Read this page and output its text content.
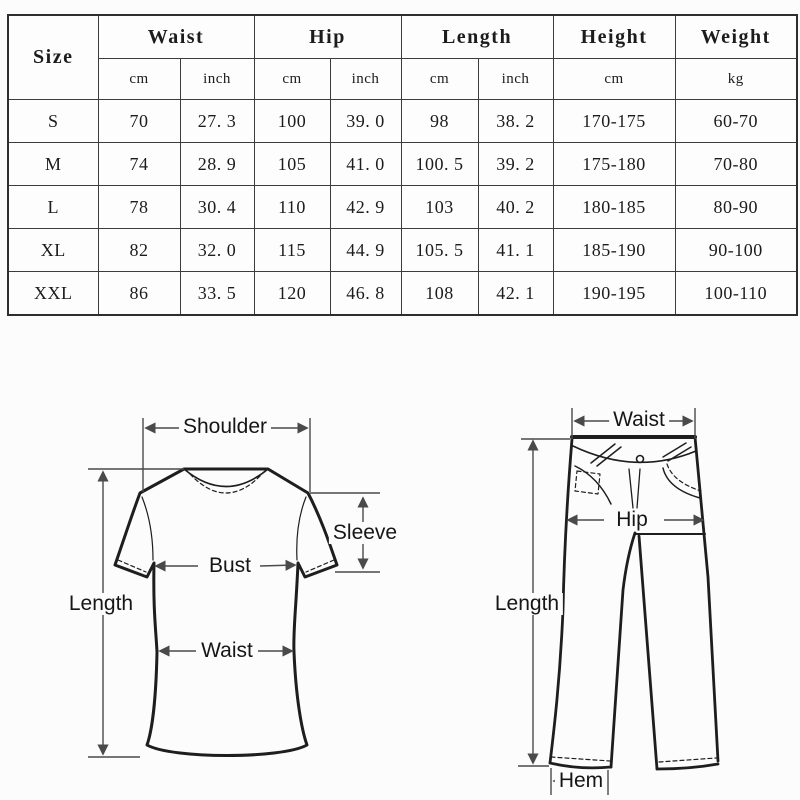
Size	Waist		Hip		Length		Height	Weight
	cm	inch	cm	inch	cm	inch	cm	kg
S	70	27. 3	100	39. 0	98	38. 2	170-175	60-70
M	74	28. 9	105	41. 0	100. 5	39. 2	175-180	70-80
L	78	30. 4	110	42. 9	103	40. 2	180-185	80-90
XL	82	32. 0	115	44. 9	105. 5	41. 1	185-190	90-100
XXL	86	33. 5	120	46. 8	108	42. 1	190-195	100-110
Shoulder
Length
Sleeve
Bust
Waist
Waist
Hip
Length
Hem
